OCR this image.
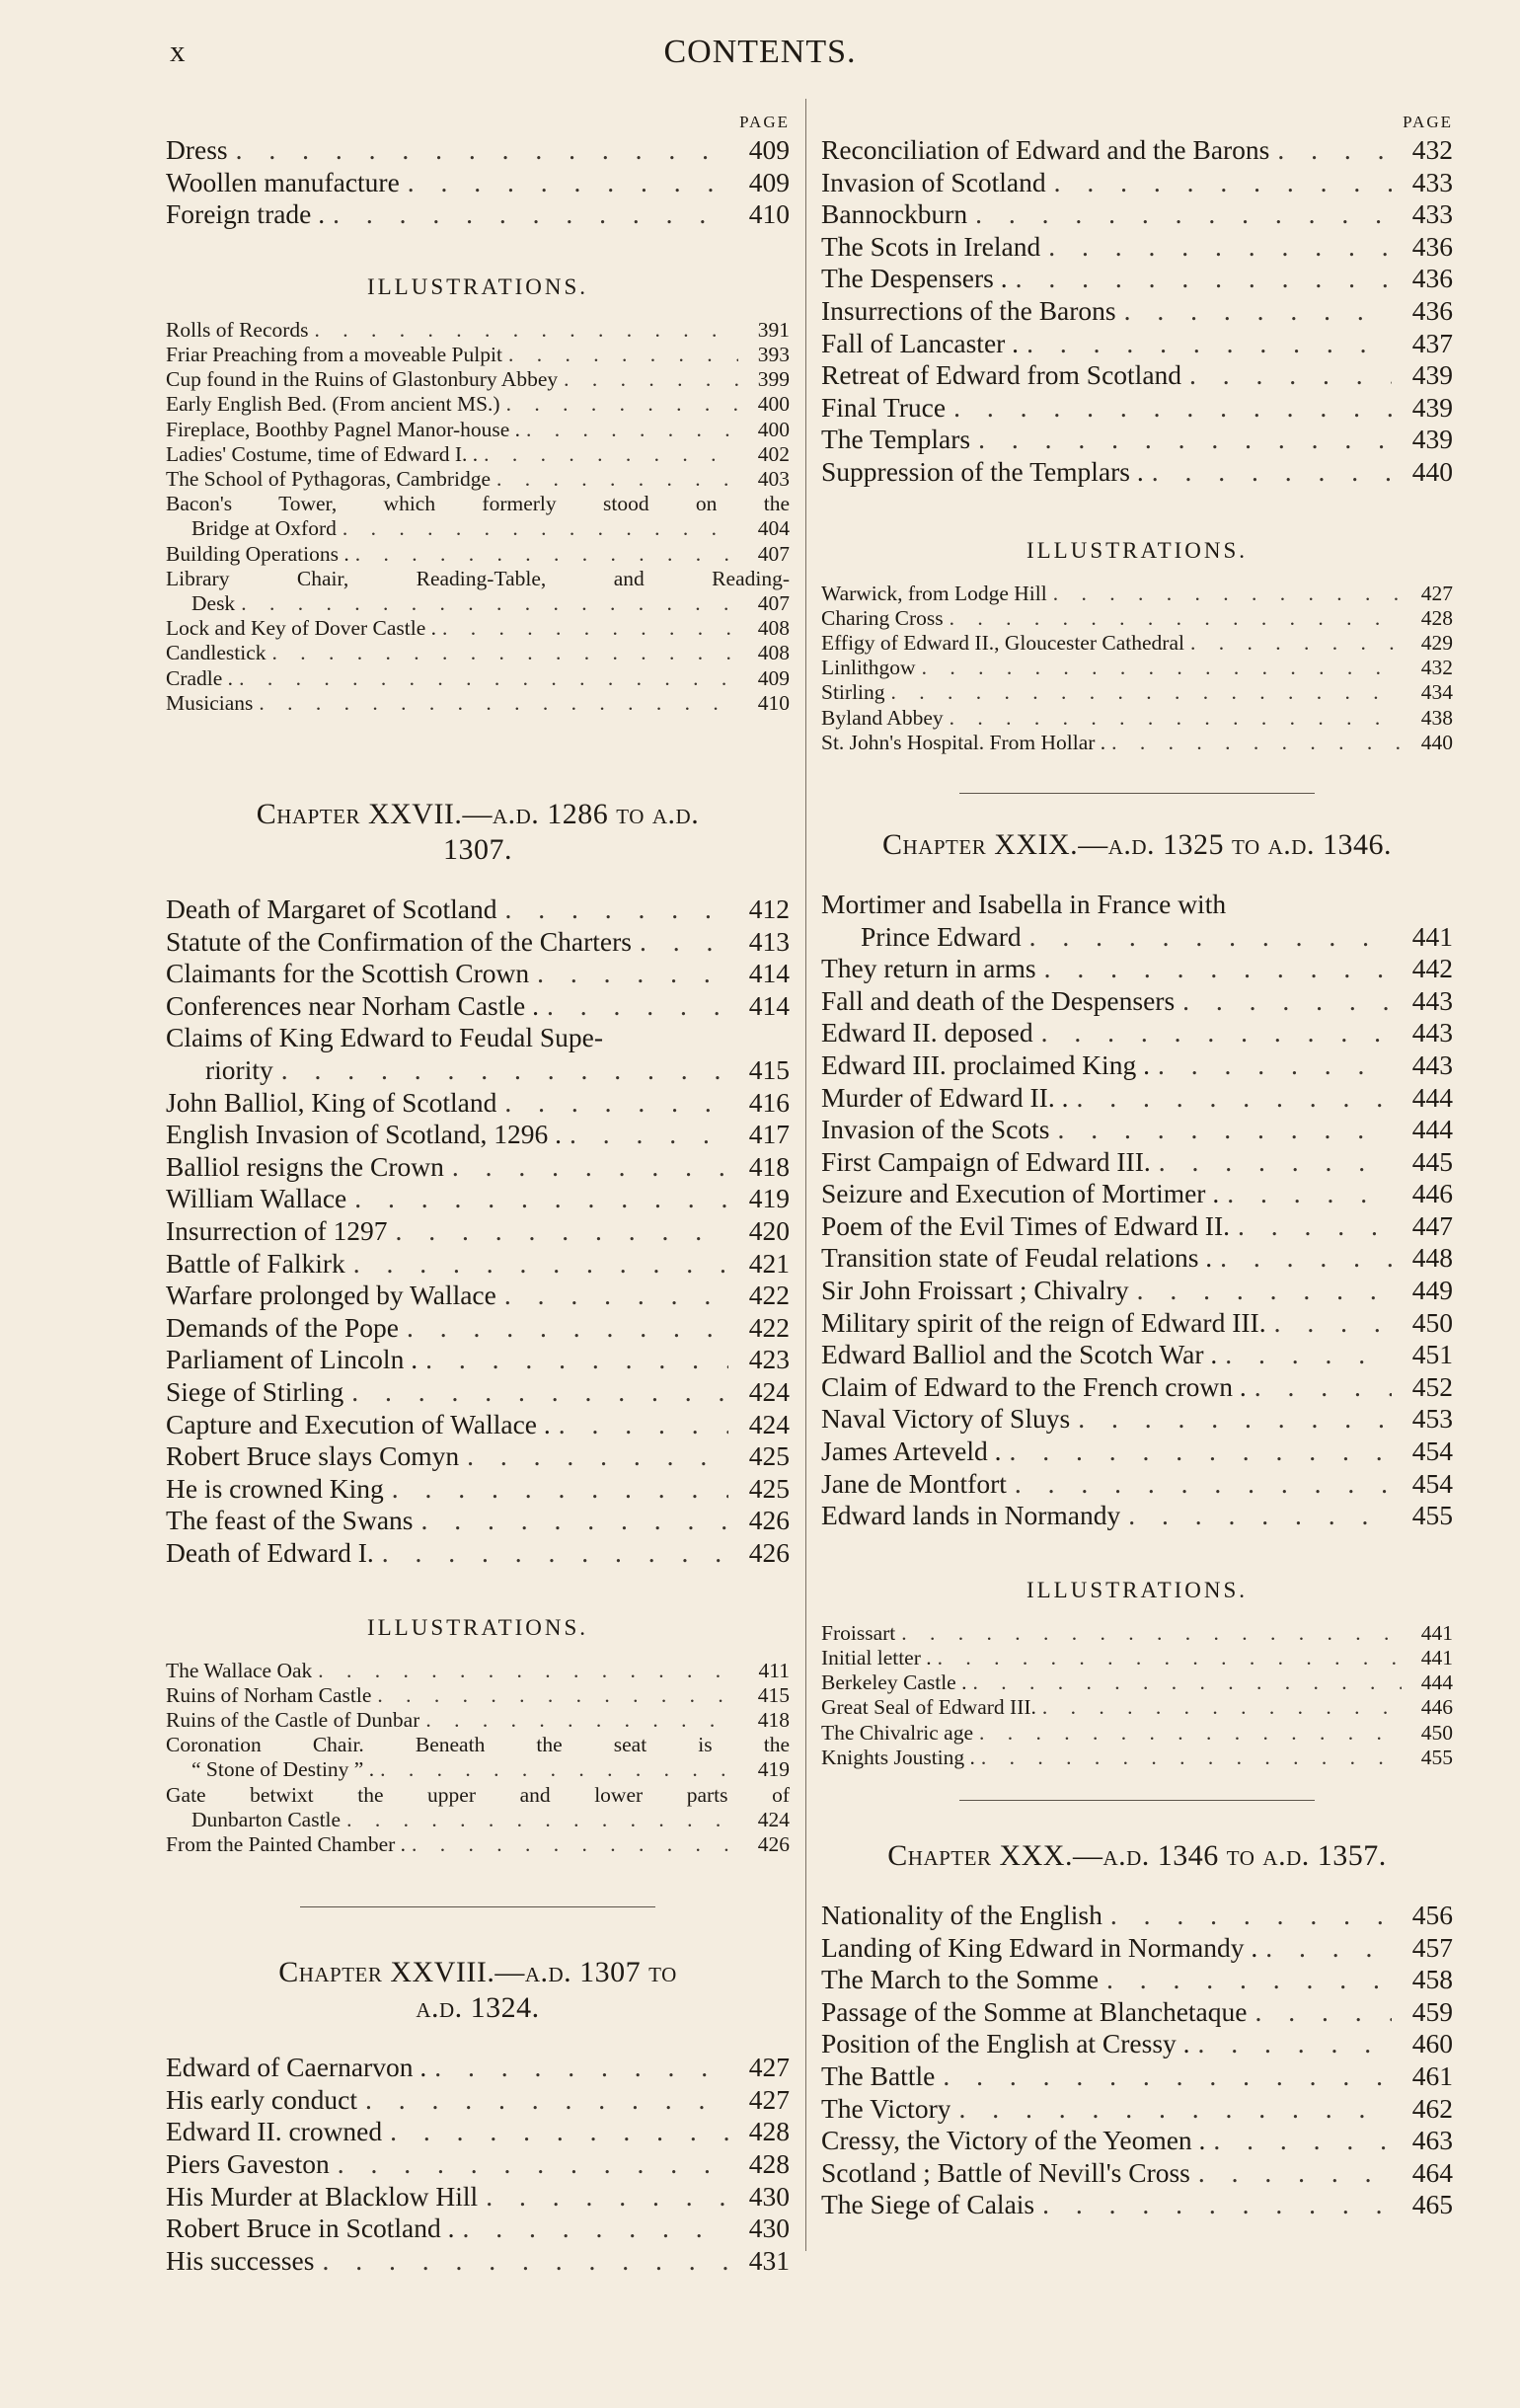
CONTENTS.
x
PAGE
Dress . . .	409
Woollen manufacture . . .	409
Foreign trade . . . .	410
ILLUSTRATIONS.
Rolls of Records . . .	391
Friar Preaching from a moveable Pulpit . . .	393
Cup found in the Ruins of Glastonbury Abbey . . .	399
Early English Bed. (From ancient MS.) . . .	400
Fireplace, Boothby Pagnel Manor-house . . . .	400
Ladies' Costume, time of Edward I. . . . .	402
The School of Pythagoras, Cambridge . . .	403
Bacon's Tower, which formerly stood on the
Bridge at Oxford . . .	404
Building Operations . . . .	407
Library Chair, Reading-Table, and Reading-
Desk . . .	407
Lock and Key of Dover Castle . . . .	408
Candlestick . . .	408
Cradle . . . .	409
Musicians . . .	410
Chapter XXVII.—a.d. 1286 to a.d.
1307.
Death of Margaret of Scotland . . .	412
Statute of the Confirmation of the Charters . . .	413
Claimants for the Scottish Crown . . .	414
Conferences near Norham Castle . . . .	414
Claims of King Edward to Feudal Supe-
riority . . .	415
John Balliol, King of Scotland . . .	416
English Invasion of Scotland, 1296 . . . .	417
Balliol resigns the Crown . . .	418
William Wallace . . .	419
Insurrection of 1297 . . .	420
Battle of Falkirk . . .	421
Warfare prolonged by Wallace . . .	422
Demands of the Pope . . .	422
Parliament of Lincoln . . . .	423
Siege of Stirling . . .	424
Capture and Execution of Wallace . . . .	424
Robert Bruce slays Comyn . . .	425
He is crowned King . . .	425
The feast of the Swans . . .	426
Death of Edward I. . . .	426
ILLUSTRATIONS.
The Wallace Oak . . .	411
Ruins of Norham Castle . . .	415
Ruins of the Castle of Dunbar . . .	418
Coronation Chair. Beneath the seat is the
“ Stone of Destiny ” . . . .	419
Gate betwixt the upper and lower parts of
Dunbarton Castle . . .	424
From the Painted Chamber . . . .	426
Chapter XXVIII.—a.d. 1307 to
a.d. 1324.
Edward of Caernarvon . . . .	427
His early conduct . . .	427
Edward II. crowned . . .	428
Piers Gaveston . . .	428
His Murder at Blacklow Hill . . .	430
Robert Bruce in Scotland . . . .	430
His successes . . .	431
PAGE
Reconciliation of Edward and the Barons . . .	432
Invasion of Scotland . . .	433
Bannockburn . . .	433
The Scots in Ireland . . .	436
The Despensers . . . .	436
Insurrections of the Barons . . .	436
Fall of Lancaster . . . .	437
Retreat of Edward from Scotland . . .	439
Final Truce . . .	439
The Templars . . .	439
Suppression of the Templars . . . .	440
ILLUSTRATIONS.
Warwick, from Lodge Hill . . .	427
Charing Cross . . .	428
Effigy of Edward II., Gloucester Cathedral . . .	429
Linlithgow . . .	432
Stirling . . .	434
Byland Abbey . . .	438
St. John's Hospital. From Hollar . . . .	440
Chapter XXIX.—a.d. 1325 to a.d. 1346.
Mortimer and Isabella in France with
Prince Edward . . .	441
They return in arms . . .	442
Fall and death of the Despensers . . .	443
Edward II. deposed . . .	443
Edward III. proclaimed King . . . .	443
Murder of Edward II. . . . .	444
Invasion of the Scots . . .	444
First Campaign of Edward III. . . .	445
Seizure and Execution of Mortimer . . . .	446
Poem of the Evil Times of Edward II. . . .	447
Transition state of Feudal relations . . . .	448
Sir John Froissart ; Chivalry . . .	449
Military spirit of the reign of Edward III. . . .	450
Edward Balliol and the Scotch War . . . .	451
Claim of Edward to the French crown . . . .	452
Naval Victory of Sluys . . .	453
James Arteveld . . . .	454
Jane de Montfort . . .	454
Edward lands in Normandy . . .	455
ILLUSTRATIONS.
Froissart . . .	441
Initial letter . . . .	441
Berkeley Castle . . . .	444
Great Seal of Edward III. . . .	446
The Chivalric age . . .	450
Knights Jousting . . . .	455
Chapter XXX.—a.d. 1346 to a.d. 1357.
Nationality of the English . . .	456
Landing of King Edward in Normandy . . . .	457
The March to the Somme . . .	458
Passage of the Somme at Blanchetaque . . .	459
Position of the English at Cressy . . . .	460
The Battle . . .	461
The Victory . . .	462
Cressy, the Victory of the Yeomen . . . .	463
Scotland ; Battle of Nevill's Cross . . .	464
The Siege of Calais . . .	465
